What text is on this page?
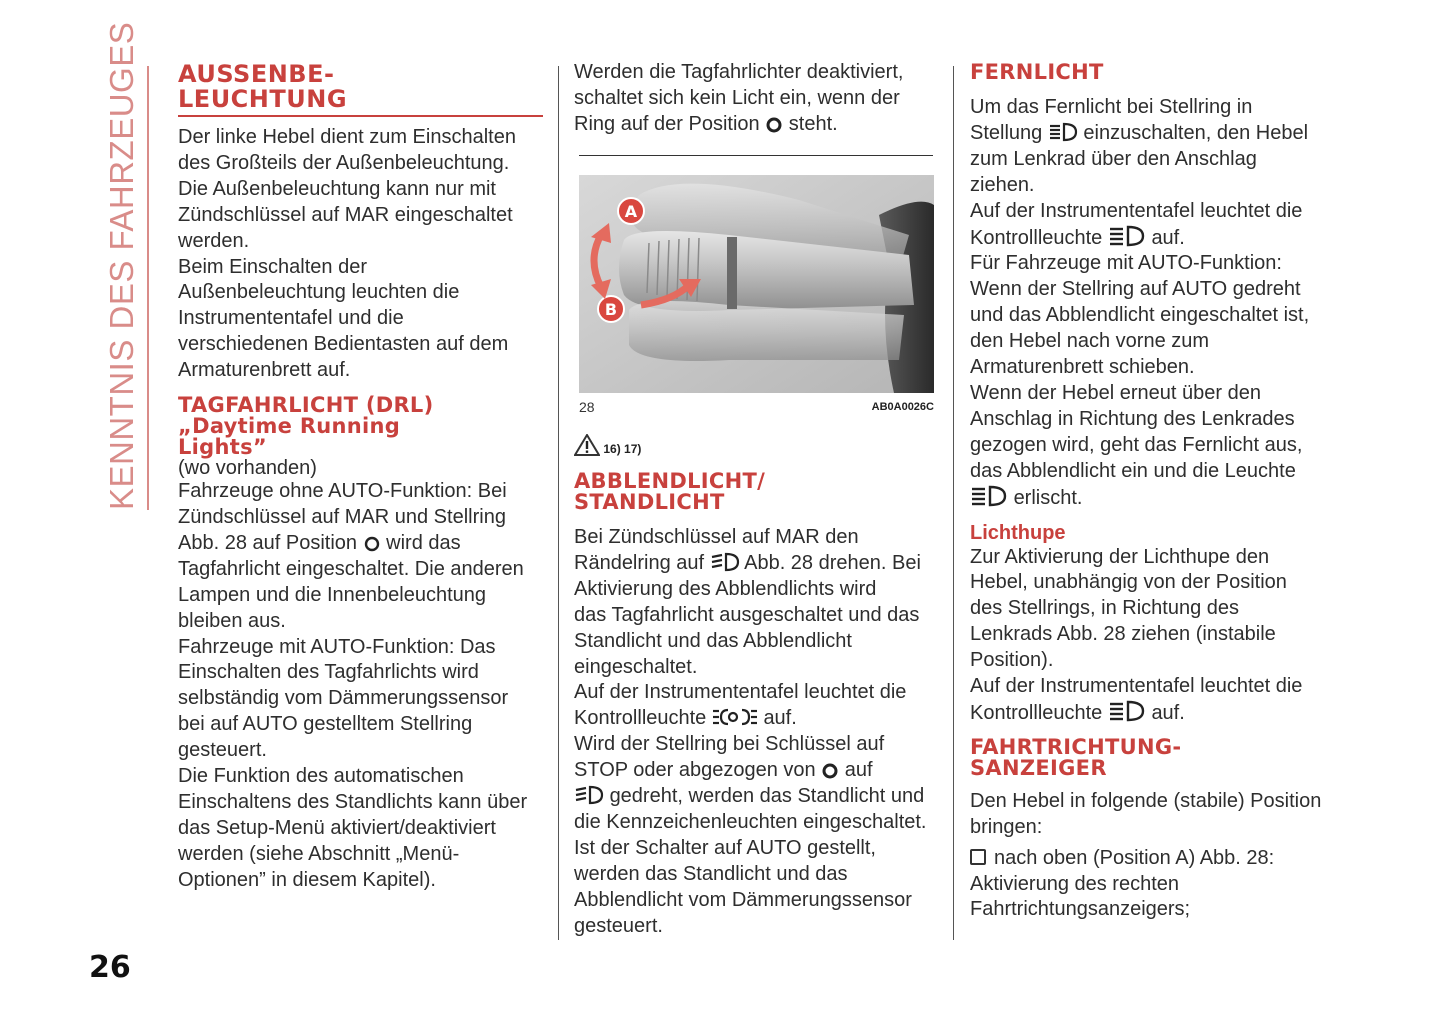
KENNTNIS DES FAHRZEUGES	AUSSENBE-
LEUCHTUNG
Der linke Hebel dient zum Einschalten
des Großteils der Außenbeleuchtung.
Die Außenbeleuchtung kann nur mit
Zündschlüssel auf MAR eingeschaltet
werden.
Beim Einschalten der
Außenbeleuchtung leuchten die
Instrumententafel und die
verschiedenen Bedientasten auf dem
Armaturenbrett auf.
TAGFAHRLICHT (DRL)
„Daytime Running
Lights”
(wo vorhanden)
Fahrzeuge ohne AUTO-Funktion: Bei
Zündschlüssel auf MAR und Stellring
Abb. 28 auf Position wird das
Tagfahrlicht eingeschaltet. Die anderen
Lampen und die Innenbeleuchtung
bleiben aus.
Fahrzeuge mit AUTO-Funktion: Das
Einschalten des Tagfahrlichts wird
selbständig vom Dämmerungssensor
bei auf AUTO gestelltem Stellring
gesteuert.
Die Funktion des automatischen
Einschaltens des Standlichts kann über
das Setup-Menü aktiviert/deaktiviert
werden (siehe Abschnitt „Menü-
Optionen” in diesem Kapitel).
Werden die Tagfahrlichter deaktiviert,
schaltet sich kein Licht ein, wenn der
Ring auf der Position steht.
A
B
28	AB0A0026C
16) 17)
ABBLENDLICHT/
STANDLICHT
Bei Zündschlüssel auf MAR den
Rändelring auf Abb. 28 drehen. Bei
Aktivierung des Abblendlichts wird
das Tagfahrlicht ausgeschaltet und das
Standlicht und das Abblendlicht
eingeschaltet.
Auf der Instrumententafel leuchtet die
Kontrollleuchte	auf.
Wird der Stellring bei Schlüssel auf
STOP oder abgezogen von auf
gedreht, werden das Standlicht und
die Kennzeichenleuchten eingeschaltet.
Ist der Schalter auf AUTO gestellt,
werden das Standlicht und das
Abblendlicht vom Dämmerungssensor
gesteuert.
FERNLICHT
Um das Fernlicht bei Stellring in
Stellung einzuschalten, den Hebel
zum Lenkrad über den Anschlag
ziehen.
Auf der Instrumententafel leuchtet die
Kontrollleuchte auf.
Für Fahrzeuge mit AUTO-Funktion:
Wenn der Stellring auf AUTO gedreht
und das Abblendlicht eingeschaltet ist,
den Hebel nach vorne zum
Armaturenbrett schieben.
Wenn der Hebel erneut über den
Anschlag in Richtung des Lenkrades
gezogen wird, geht das Fernlicht aus,
das Abblendlicht ein und die Leuchte
erlischt.
Lichthupe
Zur Aktivierung der Lichthupe den
Hebel, unabhängig von der Position
des Stellrings, in Richtung des
Lenkrads Abb. 28 ziehen (instabile
Position).
Auf der Instrumententafel leuchtet die
Kontrollleuchte auf.
FAHRTRICHTUNG-
SANZEIGER
Den Hebel in folgende (stabile) Position
bringen:
nach oben (Position A) Abb. 28:
Aktivierung des rechten
Fahrtrichtungsanzeigers;
26
